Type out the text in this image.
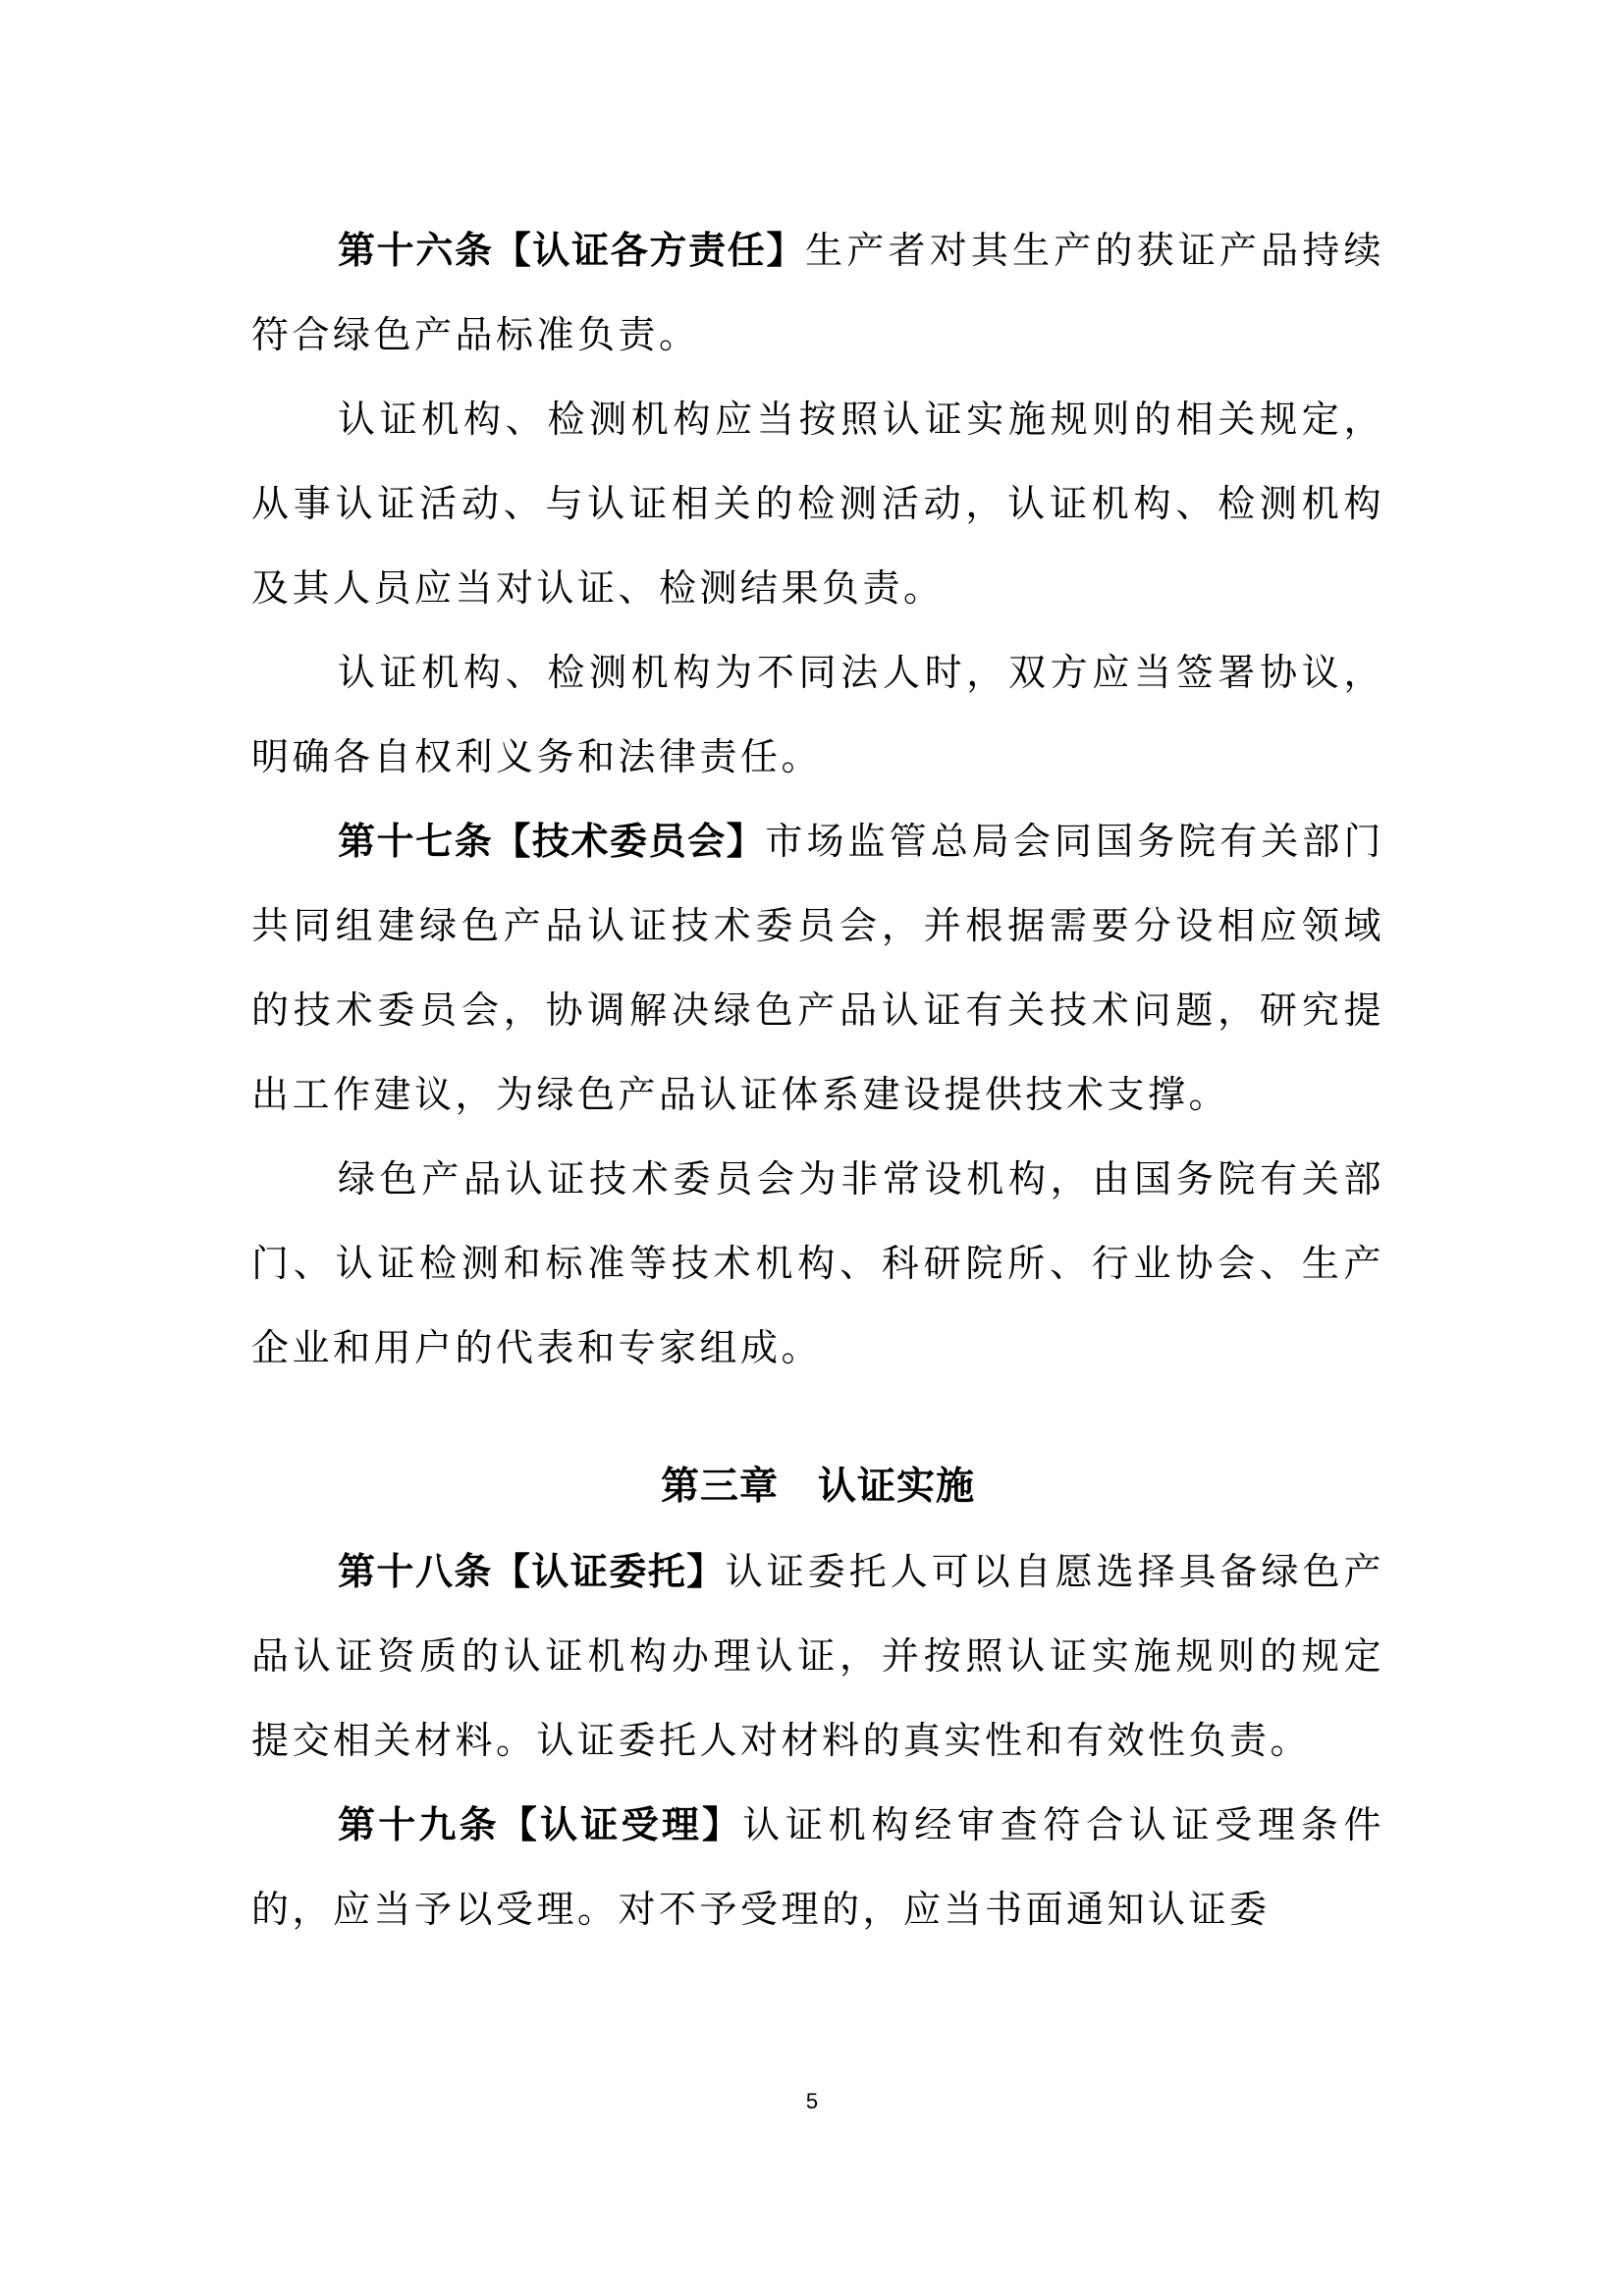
第十六条【认证各方责任】生产者对其生产的获证产品持续符合绿色产品标准负责。

认证机构、检测机构应当按照认证实施规则的相关规定，从事认证活动、与认证相关的检测活动，认证机构、检测机构及其人员应当对认证、检测结果负责。

认证机构、检测机构为不同法人时，双方应当签署协议，明确各自权利义务和法律责任。

第十七条【技术委员会】市场监管总局会同国务院有关部门共同组建绿色产品认证技术委员会，并根据需要分设相应领域的技术委员会，协调解决绿色产品认证有关技术问题，研究提出工作建议，为绿色产品认证体系建设提供技术支撑。

绿色产品认证技术委员会为非常设机构，由国务院有关部门、认证检测和标准等技术机构、科研院所、行业协会、生产企业和用户的代表和专家组成。

第三章 认证实施

第十八条【认证委托】认证委托人可以自愿选择具备绿色产品认证资质的认证机构办理认证，并按照认证实施规则的规定提交相关材料。认证委托人对材料的真实性和有效性负责。

第十九条【认证受理】认证机构经审查符合认证受理条件的，应当予以受理。对不予受理的，应当书面通知认证委

5
